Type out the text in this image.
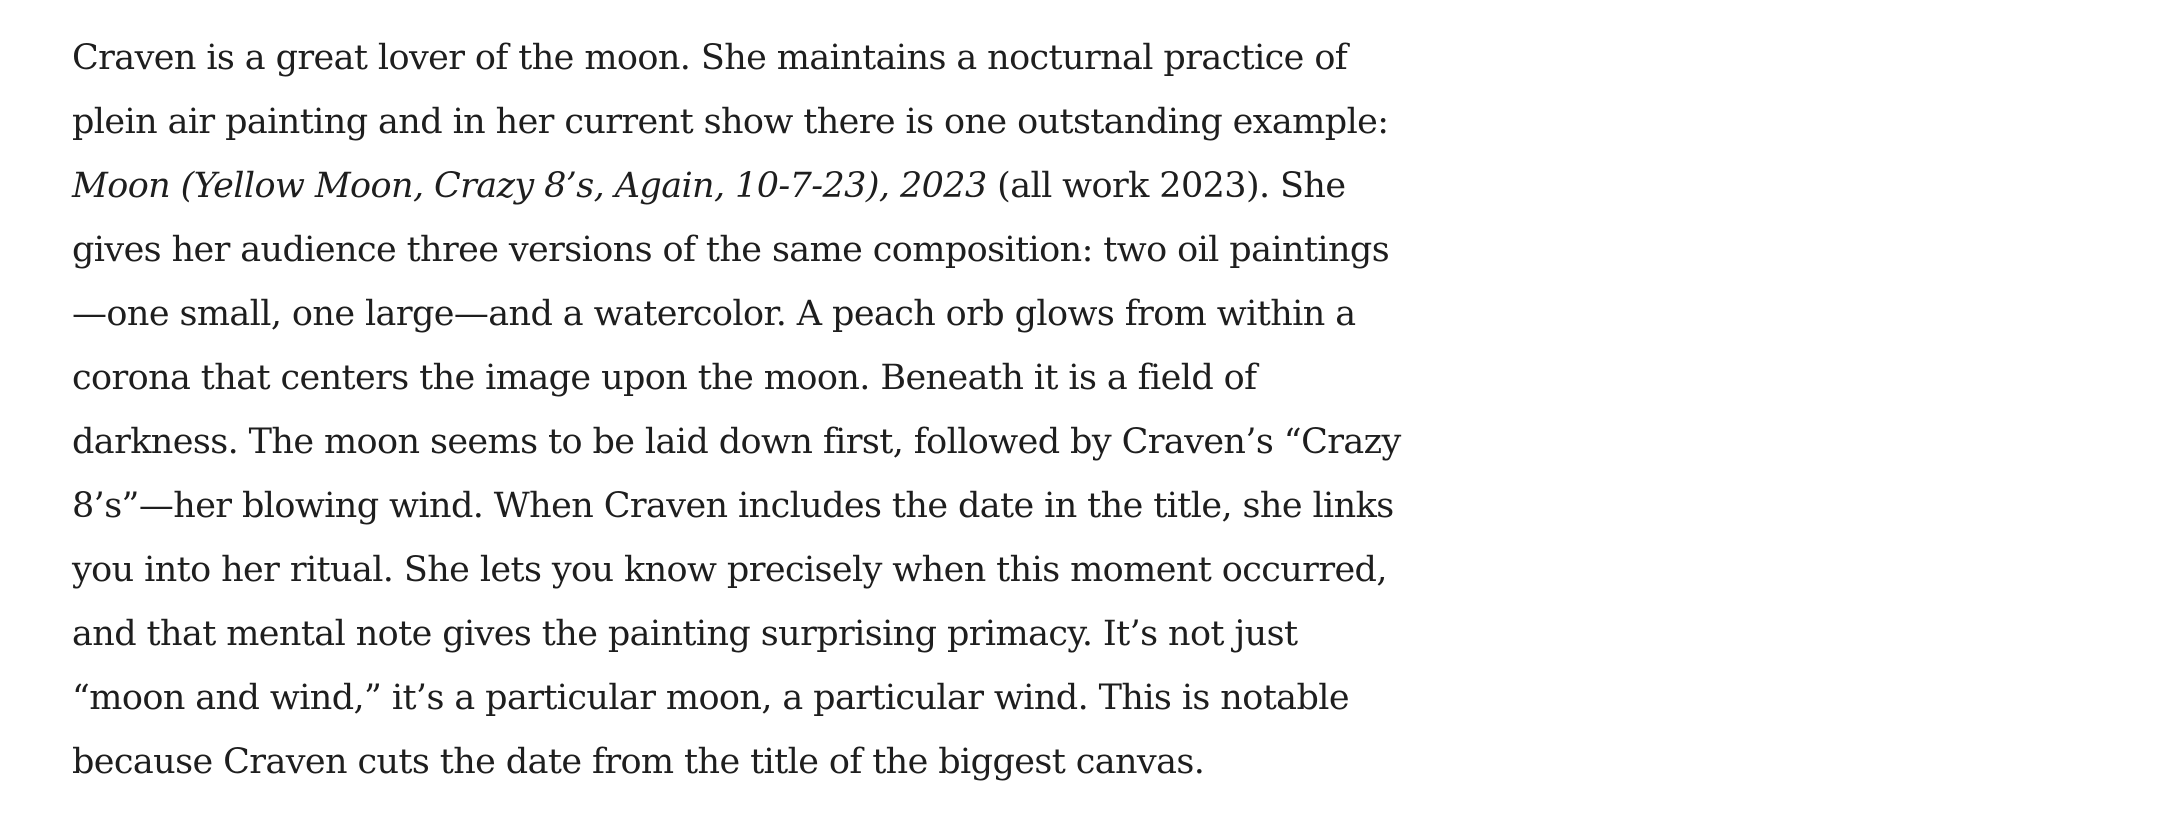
Craven is a great lover of the moon. She maintains a nocturnal practice of
plein air painting and in her current show there is one outstanding example:
Moon (Yellow Moon, Crazy 8’s, Again, 10-7-23), 2023 (all work 2023). She
gives her audience three versions of the same composition: two oil paintings
—one small, one large—and a watercolor. A peach orb glows from within a
corona that centers the image upon the moon. Beneath it is a field of
darkness. The moon seems to be laid down first, followed by Craven’s “Crazy
8’s”—her blowing wind. When Craven includes the date in the title, she links
you into her ritual. She lets you know precisely when this moment occurred,
and that mental note gives the painting surprising primacy. It’s not just
“moon and wind,” it’s a particular moon, a particular wind. This is notable
because Craven cuts the date from the title of the biggest canvas.
